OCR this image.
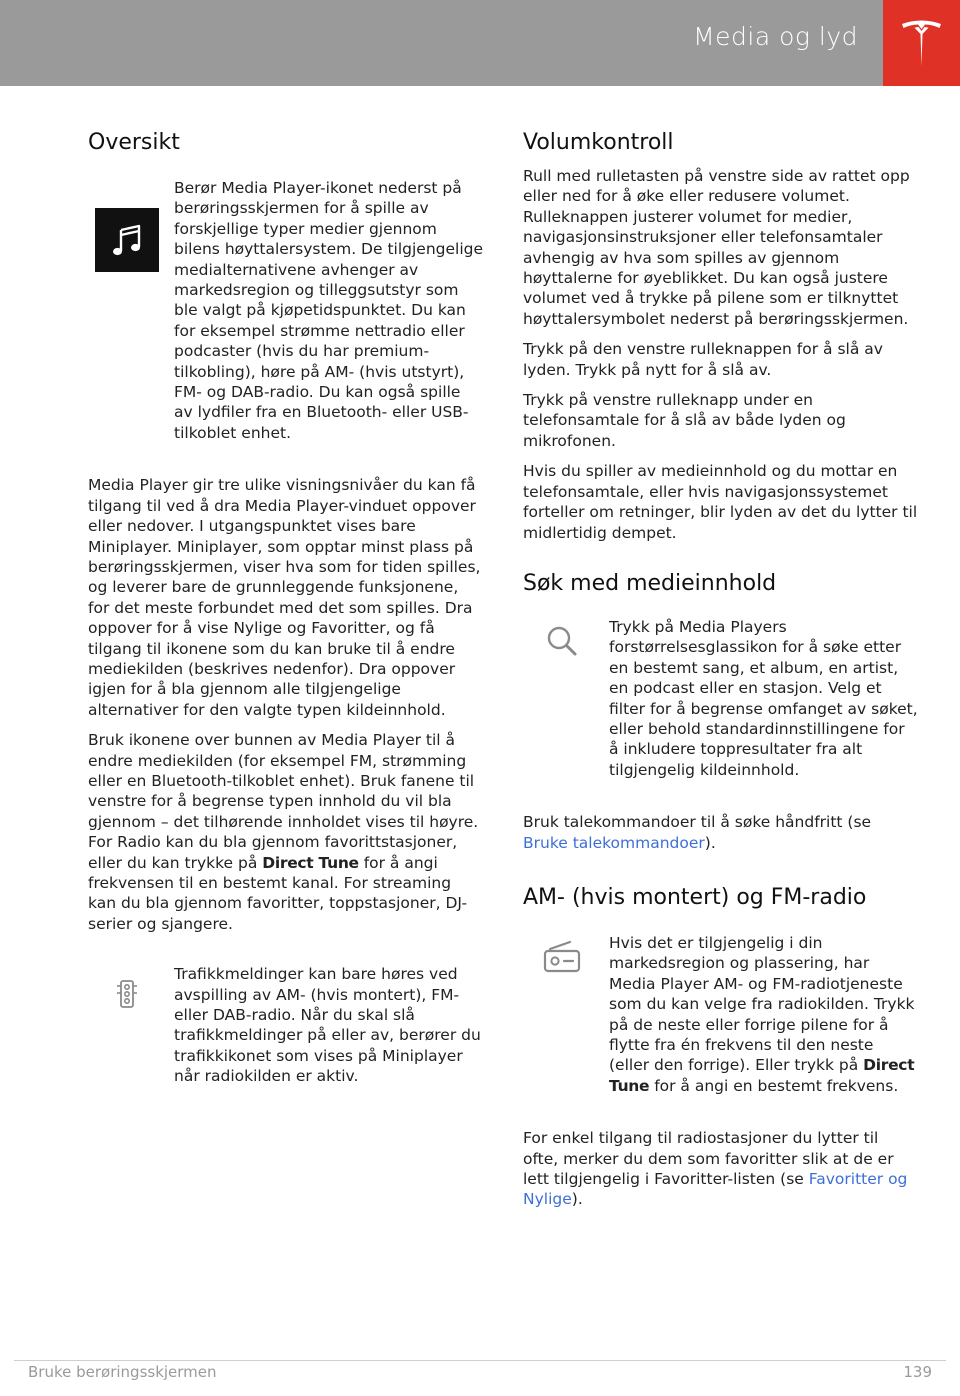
Media og lyd
Oversikt

Berør Media Player-ikonet nederst på berøringsskjermen for å spille av forskjellige typer medier gjennom bilens høyttalersystem. De tilgjengelige medialternativene avhenger av markedsregion og tilleggsutstyr som ble valgt på kjøpetidspunktet. Du kan for eksempel strømme nettradio eller podcaster (hvis du har premium-tilkobling), høre på AM- (hvis utstyrt), FM- og DAB-radio. Du kan også spille av lydfiler fra en Bluetooth- eller USB-tilkoblet enhet.

Media Player gir tre ulike visningsnivåer du kan få tilgang til ved å dra Media Player-vinduet oppover eller nedover. I utgangspunktet vises bare Miniplayer. Miniplayer, som opptar minst plass på berøringsskjermen, viser hva som for tiden spilles, og leverer bare de grunnleggende funksjonene, for det meste forbundet med det som spilles. Dra oppover for å vise Nylige og Favoritter, og få tilgang til ikonene som du kan bruke til å endre mediekilden (beskrives nedenfor). Dra oppover igjen for å bla gjennom alle tilgjengelige alternativer for den valgte typen kildeinnhold.

Bruk ikonene over bunnen av Media Player til å endre mediekilden (for eksempel FM, strømming eller en Bluetooth-tilkoblet enhet). Bruk fanene til venstre for å begrense typen innhold du vil bla gjennom – det tilhørende innholdet vises til høyre. For Radio kan du bla gjennom favorittstasjoner, eller du kan trykke på Direct Tune for å angi frekvensen til en bestemt kanal. For streaming kan du bla gjennom favoritter, toppstasjoner, DJ-serier og sjangere.

Trafikkmeldinger kan bare høres ved avspilling av AM- (hvis montert), FM- eller DAB-radio. Når du skal slå trafikkmeldinger på eller av, berører du trafikkikonet som vises på Miniplayer når radiokilden er aktiv.

Volumkontroll

Rull med rulletasten på venstre side av rattet opp eller ned for å øke eller redusere volumet. Rulleknappen justerer volumet for medier, navigasjonsinstruksjoner eller telefonsamtaler avhengig av hva som spilles av gjennom høyttalerne for øyeblikket. Du kan også justere volumet ved å trykke på pilene som er tilknyttet høyttalersymbolet nederst på berøringsskjermen.

Trykk på den venstre rulleknappen for å slå av lyden. Trykk på nytt for å slå av.

Trykk på venstre rulleknapp under en telefonsamtale for å slå av både lyden og mikrofonen.

Hvis du spiller av medieinnhold og du mottar en telefonsamtale, eller hvis navigasjonssystemet forteller om retninger, blir lyden av det du lytter til midlertidig dempet.

Søk med medieinnhold

Trykk på Media Players forstørrelsesglassikon for å søke etter en bestemt sang, et album, en artist, en podcast eller en stasjon. Velg et filter for å begrense omfanget av søket, eller behold standardinnstillingene for å inkludere toppresultater fra alt tilgjengelig kildeinnhold.

Bruk talekommandoer til å søke håndfritt (se Bruke talekommandoer).

AM- (hvis montert) og FM-radio

Hvis det er tilgjengelig i din markedsregion og plassering, har Media Player AM- og FM-radiotjeneste som du kan velge fra radiokilden. Trykk på de neste eller forrige pilene for å flytte fra én frekvens til den neste (eller den forrige). Eller trykk på Direct Tune for å angi en bestemt frekvens.

For enkel tilgang til radiostasjoner du lytter til ofte, merker du dem som favoritter slik at de er lett tilgjengelig i Favoritter-listen (se Favoritter og Nylige).

Bruke berøringsskjermen	139
